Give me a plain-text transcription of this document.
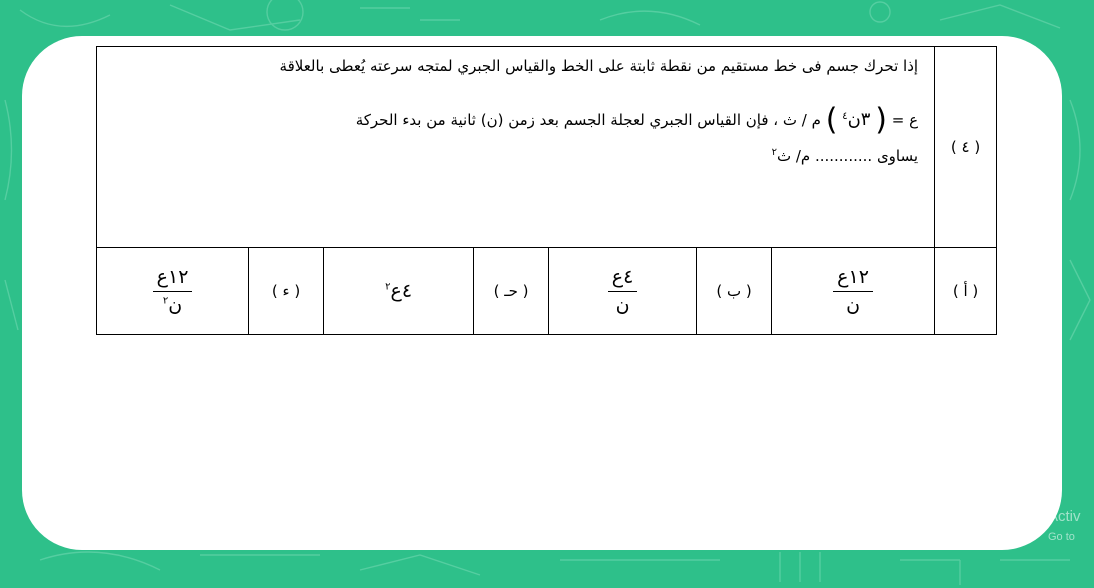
( ٤ )	إذا تحرك جسم فى خط مستقيم من نقطة ثابتة على الخط والقياس الجبري لمتجه سرعته يُعطى بالعلاقة
ع = ( ٣ن$^٤$ ) م / ث ، فإن القياس الجبري لعجلة الجسم بعد زمن (ن) ثانية من بدء الحركة
يساوى ............ م/ ث$^٢$

( أ )	$\frac{\text{١٢ع}}{\text{ن}}$	( ب )	$\frac{\text{٤ع}}{\text{ن}}$	( حـ )	٤ع$^٢$	( ء )	$\frac{\text{١٢ع}}{ن^٢}$
Activ
Go to
